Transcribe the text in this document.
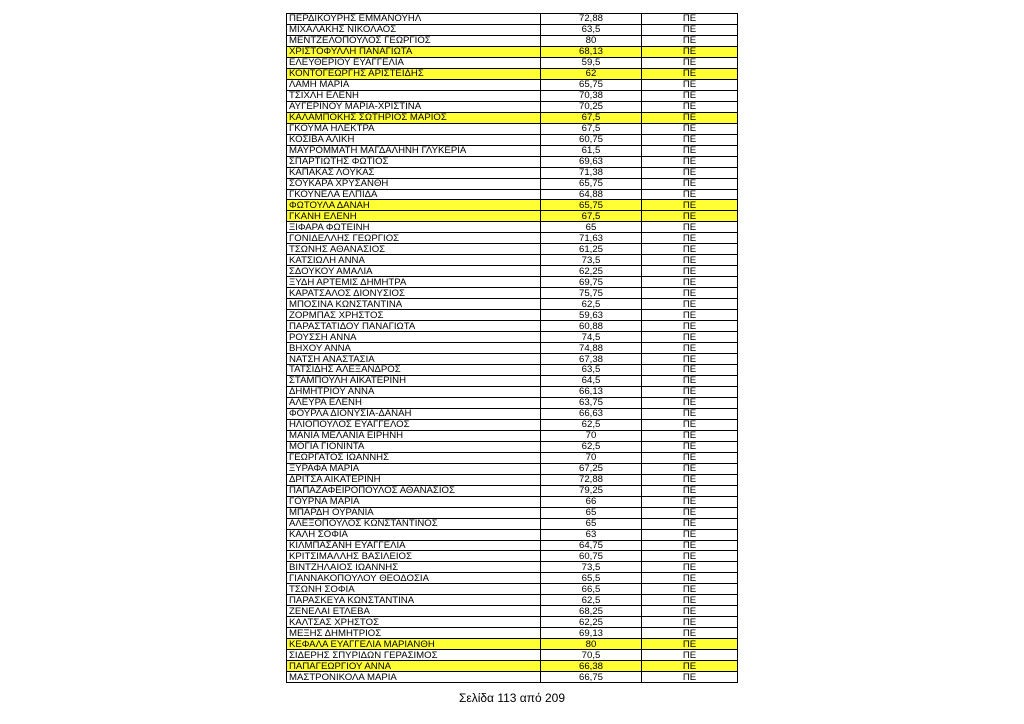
ΠΕΡΔΙΚΟΥΡΗΣ ΕΜΜΑΝΟΥΗΛ	72,88	ΠΕ
ΜΙΧΑΛΑΚΗΣ ΝΙΚΟΛΑΟΣ	63,5	ΠΕ
ΜΕΝΤΖΕΛΟΠΟΥΛΟΣ ΓΕΩΡΓΙΟΣ	80	ΠΕ
ΧΡΙΣΤΟΦΥΛΛΗ ΠΑΝΑΓΙΩΤΑ	68,13	ΠΕ
ΕΛΕΥΘΕΡΙΟΥ ΕΥΑΓΓΕΛΙΑ	59,5	ΠΕ
ΚΟΝΤΟΓΕΩΡΓΗΣ ΑΡΙΣΤΕΙΔΗΣ	62	ΠΕ
ΛΑΜΗ ΜΑΡΙΑ	65,75	ΠΕ
ΤΣΙΧΛΗ ΕΛΕΝΗ	70,38	ΠΕ
ΑΥΓΕΡΙΝΟΥ ΜΑΡΙΑ-ΧΡΙΣΤΙΝΑ	70,25	ΠΕ
ΚΑΛΑΜΠΟΚΗΣ ΣΩΤΗΡΙΟΣ ΜΑΡΙΟΣ	67,5	ΠΕ
ΓΚΟΥΜΑ ΗΛΕΚΤΡΑ	67,5	ΠΕ
ΚΟΣΙΒΑ ΑΛΙΚΗ	60,75	ΠΕ
ΜΑΥΡΟΜΜΑΤΗ ΜΑΓΔΑΛΗΝΗ ΓΛΥΚΕΡΙΑ	61,5	ΠΕ
ΣΠΑΡΤΙΩΤΗΣ ΦΩΤΙΟΣ	69,63	ΠΕ
ΚΑΠΑΚΑΣ ΛΟΥΚΑΣ	71,38	ΠΕ
ΣΟΥΚΑΡΑ ΧΡΥΣΑΝΘΗ	65,75	ΠΕ
ΓΚΟΥΝΕΛΑ ΕΛΠΙΔΑ	64,88	ΠΕ
ΦΩΤΟΥΛΑ ΔΑΝΑΗ	65,75	ΠΕ
ΓΚΑΝΗ ΕΛΕΝΗ	67,5	ΠΕ
ΞΙΦΑΡΑ ΦΩΤΕΙΝΗ	65	ΠΕ
ΓΟΝΙΔΕΛΛΗΣ ΓΕΩΡΓΙΟΣ	71,63	ΠΕ
ΤΣΩΝΗΣ ΑΘΑΝΑΣΙΟΣ	61,25	ΠΕ
ΚΑΤΣΙΩΛΗ ΑΝΝΑ	73,5	ΠΕ
ΣΔΟΥΚΟΥ ΑΜΑΛΙΑ	62,25	ΠΕ
ΞΥΔΗ ΑΡΤΕΜΙΣ ΔΗΜΗΤΡΑ	69,75	ΠΕ
ΚΑΡΑΤΣΑΛΟΣ ΔΙΟΝΥΣΙΟΣ	75,75	ΠΕ
ΜΠΟΣΙΝΑ ΚΩΝΣΤΑΝΤΙΝΑ	62,5	ΠΕ
ΖΟΡΜΠΑΣ ΧΡΗΣΤΟΣ	59,63	ΠΕ
ΠΑΡΑΣΤΑΤΙΔΟΥ ΠΑΝΑΓΙΩΤΑ	60,88	ΠΕ
ΡΟΥΣΣΗ ΑΝΝΑ	74,5	ΠΕ
ΒΗΧΟΥ ΑΝΝΑ	74,88	ΠΕ
ΝΑΤΣΗ ΑΝΑΣΤΑΣΙΑ	67,38	ΠΕ
ΤΑΤΣΙΔΗΣ ΑΛΕΞΑΝΔΡΟΣ	63,5	ΠΕ
ΣΤΑΜΠΟΥΛΗ ΑΙΚΑΤΕΡΙΝΗ	64,5	ΠΕ
ΔΗΜΗΤΡΙΟΥ ΑΝΝΑ	66,13	ΠΕ
ΑΛΕΥΡΑ ΕΛΕΝΗ	63,75	ΠΕ
ΦΟΥΡΛΑ ΔΙΟΝΥΣΙΑ-ΔΑΝΑΗ	66,63	ΠΕ
ΗΛΙΟΠΟΥΛΟΣ ΕΥΑΓΓΕΛΟΣ	62,5	ΠΕ
ΜΑΝΙΑ ΜΕΛΑΝΙΑ ΕΙΡΗΝΗ	70	ΠΕ
ΜΟΓΙΑ ΓΙΟΝΙΝΤΑ	62,5	ΠΕ
ΓΕΩΡΓΑΤΟΣ ΙΩΑΝΝΗΣ	70	ΠΕ
ΞΥΡΑΦΑ ΜΑΡΙΑ	67,25	ΠΕ
ΔΡΙΤΣΑ ΑΙΚΑΤΕΡΙΝΗ	72,88	ΠΕ
ΠΑΠΑΖΑΦΕΙΡΟΠΟΥΛΟΣ ΑΘΑΝΑΣΙΟΣ	79,25	ΠΕ
ΓΟΥΡΝΑ ΜΑΡΙΑ	66	ΠΕ
ΜΠΑΡΔΗ ΟΥΡΑΝΙΑ	65	ΠΕ
ΑΛΕΞΟΠΟΥΛΟΣ ΚΩΝΣΤΑΝΤΙΝΟΣ	65	ΠΕ
ΚΑΛΗ ΣΟΦΙΑ	63	ΠΕ
ΚΙΛΜΠΑΣΑΝΗ ΕΥΑΓΓΕΛΙΑ	64,75	ΠΕ
ΚΡΙΤΣΙΜΑΛΛΗΣ ΒΑΣΙΛΕΙΟΣ	60,75	ΠΕ
ΒΙΝΤΖΗΛΑΙΟΣ ΙΩΑΝΝΗΣ	73,5	ΠΕ
ΓΙΑΝΝΑΚΟΠΟΥΛΟΥ ΘΕΟΔΟΣΙΑ	65,5	ΠΕ
ΤΣΩΝΗ ΣΟΦΙΑ	66,5	ΠΕ
ΠΑΡΑΣΚΕΥΑ ΚΩΝΣΤΑΝΤΙΝΑ	62,5	ΠΕ
ΖΕΝΕΛΑΙ ΕΤΛΕΒΑ	68,25	ΠΕ
ΚΑΛΤΣΑΣ ΧΡΗΣΤΟΣ	62,25	ΠΕ
ΜΕΞΗΣ ΔΗΜΗΤΡΙΟΣ	69,13	ΠΕ
ΚΕΦΑΛΑ ΕΥΑΓΓΕΛΙΑ ΜΑΡΙΑΝΘΗ	80	ΠΕ
ΣΙΔΕΡΗΣ ΣΠΥΡΙΔΩΝ ΓΕΡΑΣΙΜΟΣ	70,5	ΠΕ
ΠΑΠΑΓΕΩΡΓΙΟΥ ΑΝΝΑ	66,38	ΠΕ
ΜΑΣΤΡΟΝΙΚΟΛΑ ΜΑΡΙΑ	66,75	ΠΕ
Σελίδα 113 από 209
